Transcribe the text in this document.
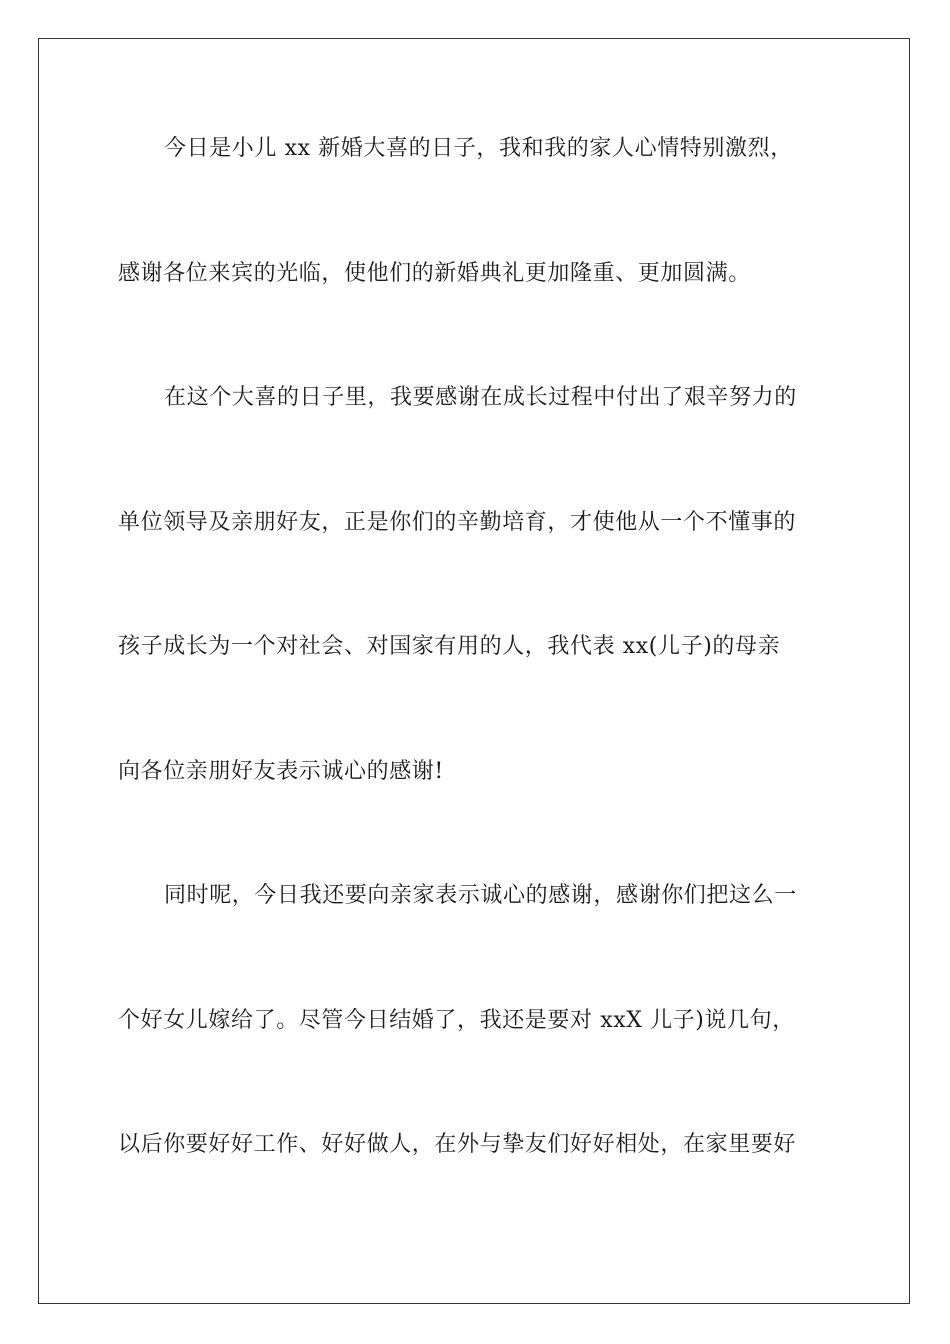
今日是小儿 xx 新婚大喜的日子，我和我的家人心情特别激烈，
感谢各位来宾的光临，使他们的新婚典礼更加隆重、更加圆满。
在这个大喜的日子里，我要感谢在成长过程中付出了艰辛努力的
单位领导及亲朋好友，正是你们的辛勤培育，才使他从一个不懂事的
孩子成长为一个对社会、对国家有用的人，我代表 xx(儿子)的母亲
向各位亲朋好友表示诚心的感谢!
同时呢，今日我还要向亲家表示诚心的感谢，感谢你们把这么一
个好女儿嫁给了。尽管今日结婚了，我还是要对 xxX 儿子)说几句，
以后你要好好工作、好好做人，在外与挚友们好好相处，在家里要好
